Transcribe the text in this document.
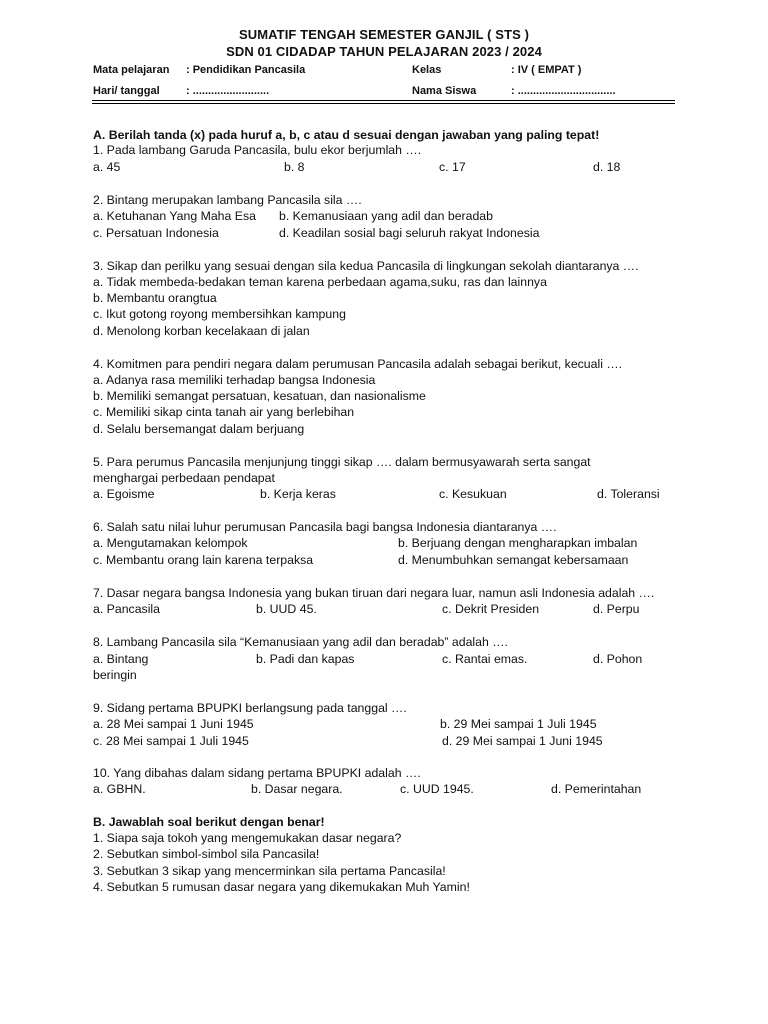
SUMATIF TENGAH SEMESTER GANJIL ( STS )
SDN 01 CIDADAP TAHUN PELAJARAN 2023 / 2024
Mata pelajaran : Pendidikan Pancasila	Kelas	: IV ( EMPAT )
Hari/ tanggal : .........................	Nama Siswa	: ................................
A. Berilah tanda (x) pada huruf a, b, c atau d sesuai dengan jawaban yang paling tepat!
1. Pada lambang Garuda Pancasila, bulu ekor berjumlah ….
a. 45	b. 8	c. 17	d. 18
2. Bintang merupakan lambang Pancasila sila ….
a. Ketuhanan Yang Maha Esa b. Kemanusiaan yang adil dan beradab
c. Persatuan Indonesia	d. Keadilan sosial bagi seluruh rakyat Indonesia
3. Sikap dan perilku yang sesuai dengan sila kedua Pancasila di lingkungan sekolah diantaranya ….
a. Tidak membeda-bedakan teman karena perbedaan agama,suku, ras dan lainnya
b. Membantu orangtua
c. Ikut gotong royong membersihkan kampung
d. Menolong korban kecelakaan di jalan
4. Komitmen para pendiri negara dalam perumusan Pancasila adalah sebagai berikut, kecuali ….
a. Adanya rasa memiliki terhadap bangsa Indonesia
b. Memiliki semangat persatuan, kesatuan, dan nasionalisme
c. Memiliki sikap cinta tanah air yang berlebihan
d. Selalu bersemangat dalam berjuang
5. Para perumus Pancasila menjunjung tinggi sikap …. dalam bermusyawarah serta sangat
menghargai perbedaan pendapat
a. Egoisme	b. Kerja keras	c. Kesukuan	d. Toleransi
6. Salah satu nilai luhur perumusan Pancasila bagi bangsa Indonesia diantaranya ….
a. Mengutamakan kelompok	b. Berjuang dengan mengharapkan imbalan
c. Membantu orang lain karena terpaksa	d. Menumbuhkan semangat kebersamaan
7. Dasar negara bangsa Indonesia yang bukan tiruan dari negara luar, namun asli Indonesia adalah ….
a. Pancasila	b. UUD 45.	c. Dekrit Presiden	d. Perpu
8. Lambang Pancasila sila “Kemanusiaan yang adil dan beradab” adalah ….
a. Bintang	b. Padi dan kapas	c. Rantai emas.	d. Pohon
beringin
9. Sidang pertama BPUPKI berlangsung pada tanggal ….
a. 28 Mei sampai 1 Juni 1945	b. 29 Mei sampai 1 Juli 1945
c. 28 Mei sampai 1 Juli 1945	d. 29 Mei sampai 1 Juni 1945
10. Yang dibahas dalam sidang pertama BPUPKI adalah ….
a. GBHN.	b. Dasar negara.	c. UUD 1945.	d. Pemerintahan
B. Jawablah soal berikut dengan benar!
1. Siapa saja tokoh yang mengemukakan dasar negara?
2. Sebutkan simbol-simbol sila Pancasila!
3. Sebutkan 3 sikap yang mencerminkan sila pertama Pancasila!
4. Sebutkan 5 rumusan dasar negara yang dikemukakan Muh Yamin!
